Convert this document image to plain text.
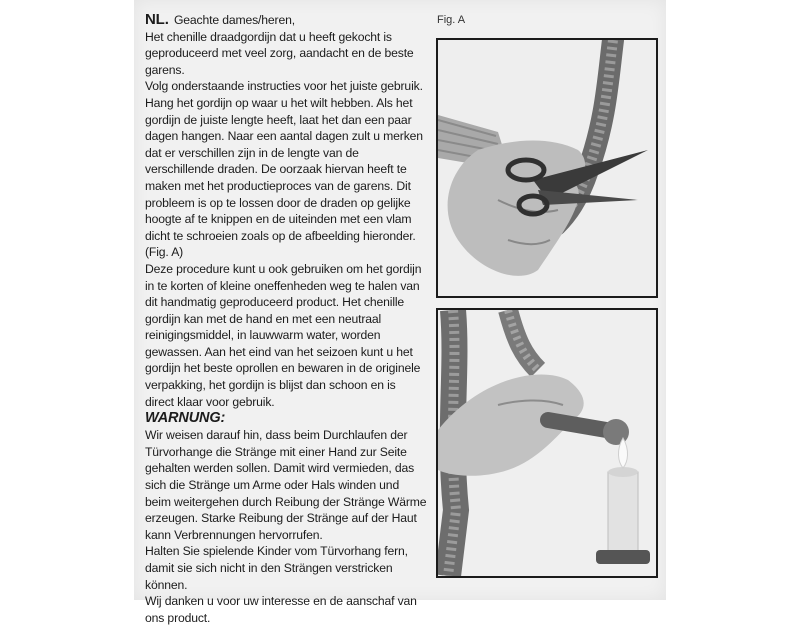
NL. Geachte dames/heren,
Het chenille draadgordijn dat u heeft gekocht is geproduceerd met veel zorg, aandacht en de beste garens.

Volg onderstaande instructies voor het juiste gebruik. Hang het gordijn op waar u het wilt hebben. Als het gordijn de juiste lengte heeft, laat het dan een paar dagen hangen. Naar een aantal dagen zult u merken dat er verschillen zijn in de lengte van de verschillende draden. De oorzaak hiervan heeft te maken met het productieproces van de garens. Dit probleem is op te lossen door de draden op gelijke hoogte af te knippen en de uiteinden met een vlam dicht te schroeien zoals op de afbeelding hieronder. (Fig. A)

Deze procedure kunt u ook gebruiken om het gordijn in te korten of kleine oneffenheden weg te halen van dit handmatig geproduceerd product. Het chenille gordijn kan met de hand en met een neutraal reinigingsmiddel, in lauwwarm water, worden gewassen. Aan het eind van het seizoen kunt u het gordijn het beste oprollen en bewaren in de originele verpakking, het gordijn is blijst dan schoon en is direct klaar voor gebruik.

WARNUNG:

Wir weisen darauf hin, dass beim Durchlaufen der Türvorhange die Stränge mit einer Hand zur Seite gehalten werden sollen. Damit wird vermieden, das sich die Stränge um Arme oder Hals winden und beim weitergehen durch Reibung der Stränge Wärme erzeugen. Starke Reibung der Stränge auf der Haut kann Verbrennungen hervorrufen.

Halten Sie spielende Kinder vom Türvorhang fern, damit sie sich nicht in den Strängen verstricken können.

Wij danken u voor uw interesse en de aanschaf van ons product.

Fig. A
